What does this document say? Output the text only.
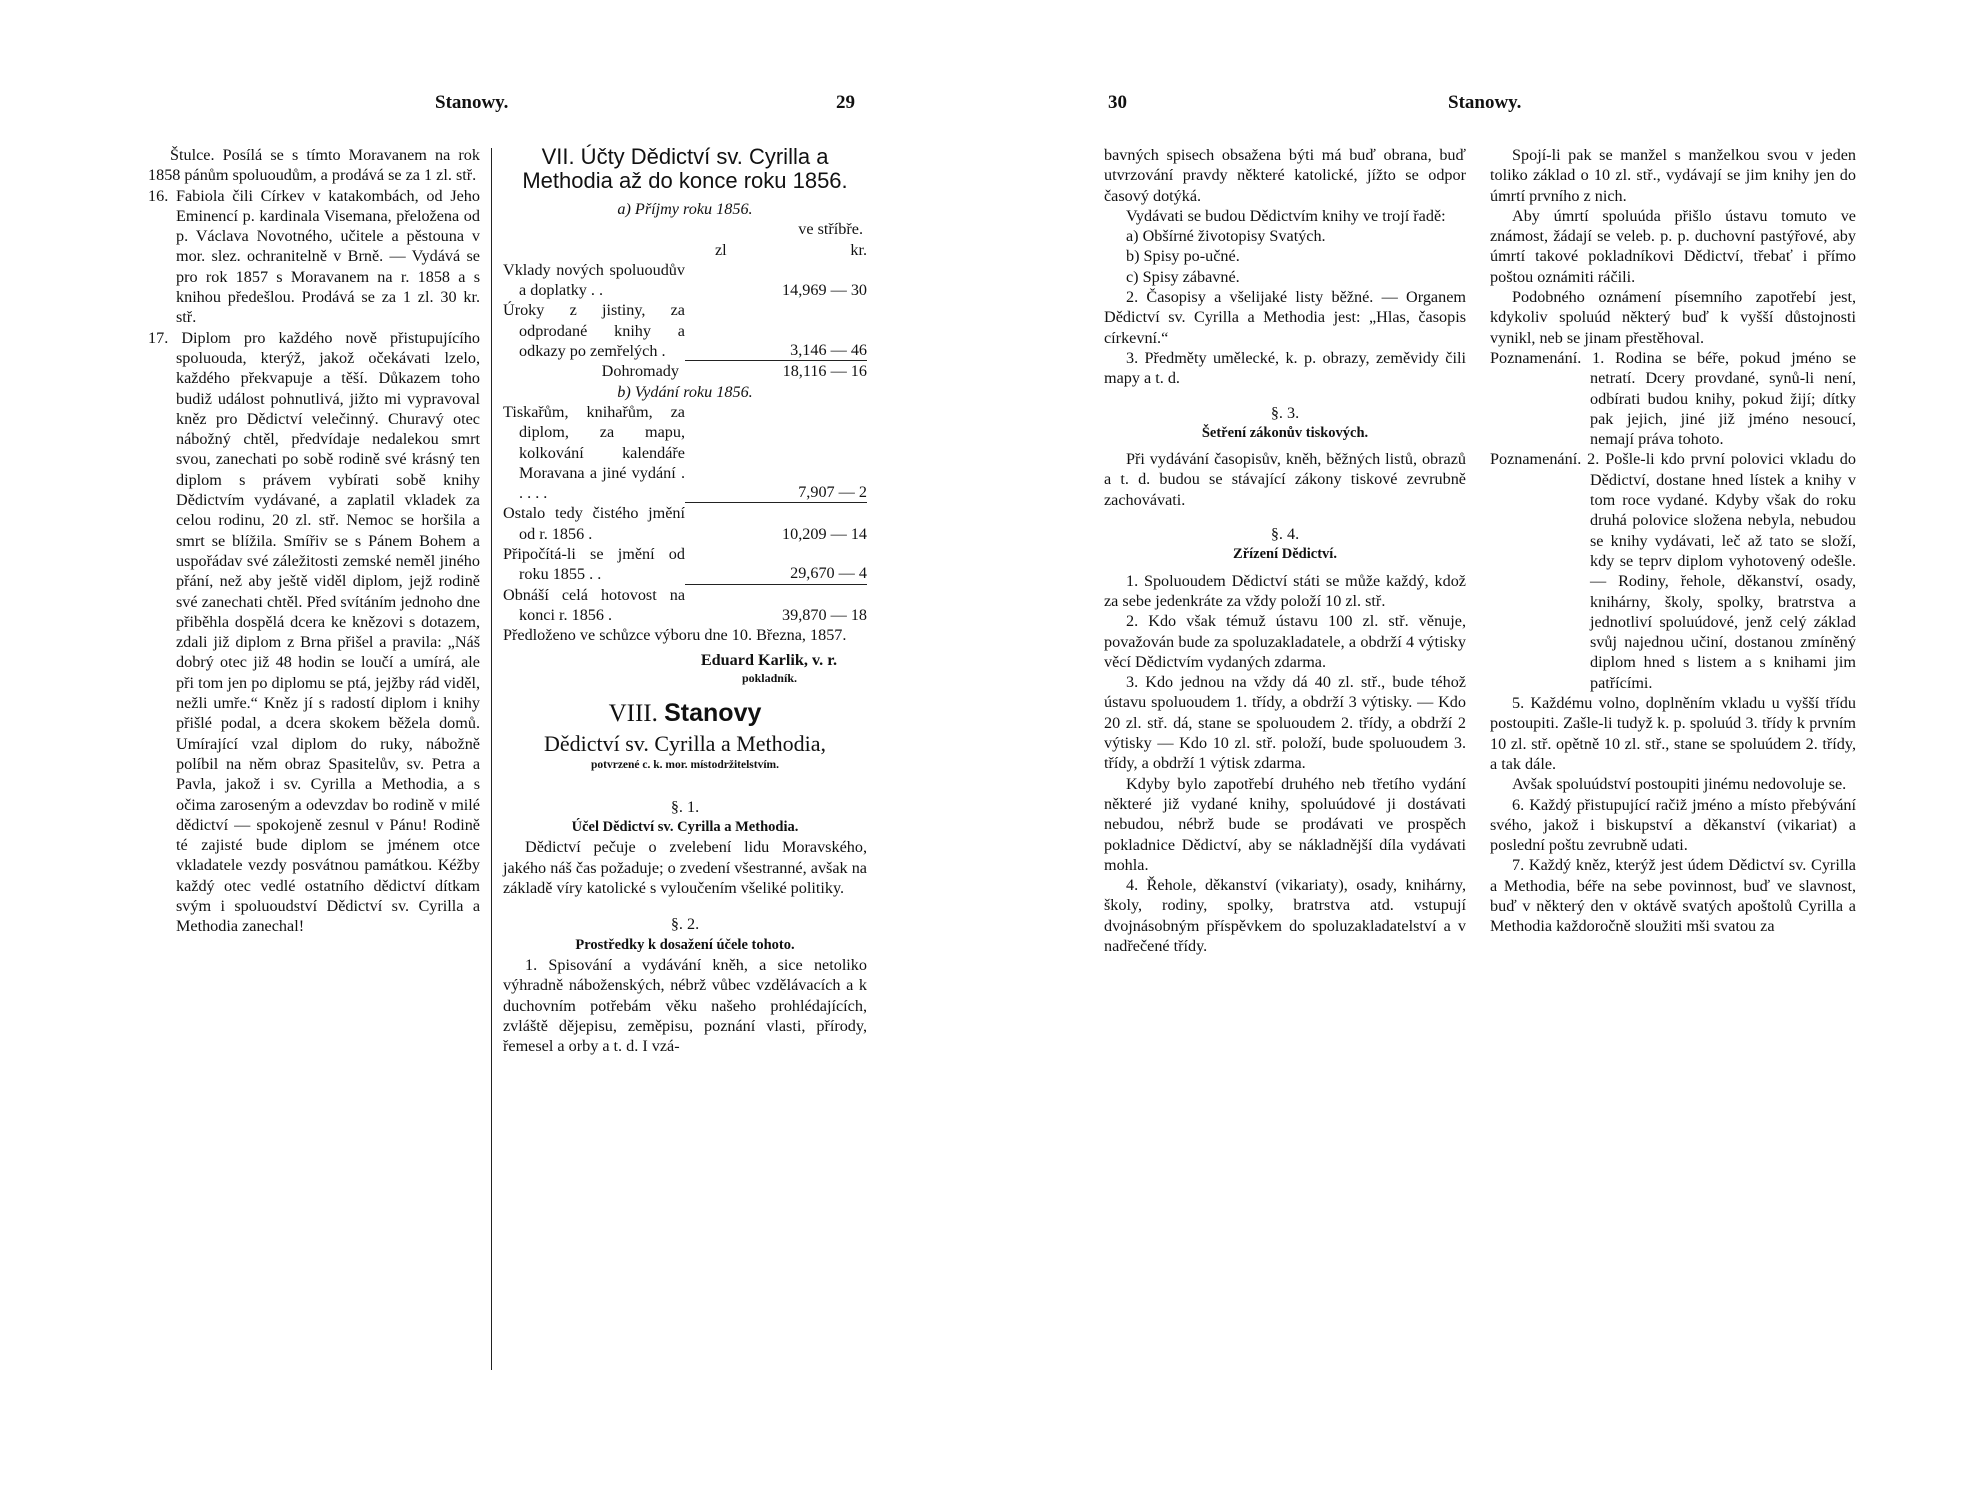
Stanowy.	29	30	Stanowy.

Štulce. Posílá se s tímto Moravanem na rok 1858 pánům spoluoudům, a prodává se za 1 zl. stř.

16. Fabiola čili Církev v katakombách, od Jeho Eminencí p. kardinala Visemana, přeložena od p. Václava Novotného, učitele a pěstouna v mor. slez. ochranitelně v Brně. — Vydává se pro rok 1857 s Moravanem na r. 1858 a s knihou předešlou. Prodává se za 1 zl. 30 kr. stř.

17. Diplom pro každého nově přistupujícího spoluouda, kterýž, jakož očekávati lzelo, každého překvapuje a těší. Důkazem toho budiž událost pohnutlivá, jižto mi vypravoval kněz pro Dědictví velečinný. Churavý otec nábožný chtěl, předvídaje nedalekou smrt svou, zanechati po sobě rodině své krásný ten diplom s právem vybírati sobě knihy Dědictvím vydávané, a zaplatil vkladek za celou rodinu, 20 zl. stř. Nemoc se horšila a smrt se blížila. Smířiv se s Pánem Bohem a uspořádav své záležitosti zemské neměl jiného přání, než aby ještě viděl diplom, jejž rodině své zanechati chtěl. Před svítáním jednoho dne přiběhla dospělá dcera ke knězovi s dotazem, zdali již diplom z Brna přišel a pravila: „Náš dobrý otec již 48 hodin se loučí a umírá, ale při tom jen po diplomu se ptá, jejžby rád viděl, nežli umře.“ Kněz jí s radostí diplom i knihy přišlé podal, a dcera skokem běžela domů. Umírající vzal diplom do ruky, nábožně políbil na něm obraz Spasitelův, sv. Petra a Pavla, jakož i sv. Cyrilla a Methodia, a s očima zaroseným a odevzdav bo rodině v milé dědictví — spokojeně zesnul v Pánu! Rodině té zajisté bude diplom se jménem otce vkladatele vezdy posvátnou památkou. Kéžby každý otec vedlé ostatního dědictví dítkam svým i spoluoudství Dědictví sv. Cyrilla a Methodia zanechal!

VII. Účty Dědictví sv. Cyrilla a Methodia až do konce roku 1856.

a) Příjmy roku 1856.

ve stříbře.

zl	kr.
Vklady nových spoluoudův a doplatky . .	14,969 — 30
Úroky z jistiny, za odprodané knihy a odkazy po zemřelých .	3,146 — 46
Dohromady	18,116 — 16

b) Vydání roku 1856.

Tiskařům, knihařům, za diplom, za mapu, kolkování kalendáře Moravana a jiné vydání . . . . .	7,907 — 2
Ostalo tedy čistého jmění od r. 1856 .	10,209 — 14
Připočítá-li se jmění od roku 1855 . .	29,670 — 4
Obnáší celá hotovost na konci r. 1856 .	39,870 — 18

Předloženo ve schůzce výboru dne 10. Března, 1857.

Eduard Karlik, v. r.

pokladník.

VIII. Stanovy
Dědictví sv. Cyrilla a Methodia,

potvrzené c. k. mor. místodržitelstvím.

§. 1.

Účel Dědictví sv. Cyrilla a Methodia.

Dědictví pečuje o zvelebení lidu Moravského, jakého náš čas požaduje; o zvedení všestranné, avšak na základě víry katolické s vyloučením všeliké politiky.

§. 2.

Prostředky k dosažení účele tohoto.

1. Spisování a vydávání kněh, a sice netoliko výhradně náboženských, nébrž vůbec vzdělávacích a k duchovním potřebám věku našeho prohlédajících, zvláště dějepisu, zeměpisu, poznání vlasti, přírody, řemesel a orby a t. d. I vzá-

bavných spisech obsažena býti má buď obrana, buď utvrzování pravdy některé katolické, jížto se odpor časový dotýká.

Vydávati se budou Dědictvím knihy ve trojí řadě:

a) Obšírné životopisy Svatých.

b) Spisy po-učné.

c) Spisy zábavné.

2. Časopisy a všelijaké listy běžné. — Organem Dědictví sv. Cyrilla a Methodia jest: „Hlas, časopis církevní.“

3. Předměty umělecké, k. p. obrazy, zeměvidy čili mapy a t. d.

§. 3.

Šetření zákonův tiskových.

Při vydávání časopisův, kněh, běžných listů, obrazů a t. d. budou se stávající zákony tiskové zevrubně zachovávati.

§. 4.

Zřízení Dědictví.

1. Spoluoudem Dědictví státi se může každý, kdož za sebe jedenkráte za vždy položí 10 zl. stř.

2. Kdo však témuž ústavu 100 zl. stř. věnuje, považován bude za spoluzakladatele, a obdrží 4 výtisky věcí Dědictvím vydaných zdarma.

3. Kdo jednou na vždy dá 40 zl. stř., bude téhož ústavu spoluoudem 1. třídy, a obdrží 3 výtisky. — Kdo 20 zl. stř. dá, stane se spoluoudem 2. třídy, a obdrží 2 výtisky — Kdo 10 zl. stř. položí, bude spoluoudem 3. třídy, a obdrží 1 výtisk zdarma.

Kdyby bylo zapotřebí druhého neb třetího vydání některé již vydané knihy, spoluúdové ji dostávati nebudou, nébrž bude se prodávati ve prospěch pokladnice Dědictví, aby se nákladnější díla vydávati mohla.

4. Řehole, děkanství (vikariaty), osady, knihárny, školy, rodiny, spolky, bratrstva atd. vstupují dvojnásobným příspěvkem do spoluzakladatelství a v nadřečené třídy.

Spojí-li pak se manžel s manželkou svou v jeden toliko základ o 10 zl. stř., vydávají se jim knihy jen do úmrtí prvního z nich.

Aby úmrtí spoluúda přišlo ústavu tomuto ve známost, žádají se veleb. p. p. duchovní pastýřové, aby úmrtí takové pokladníkovi Dědictví, třebať i přímo poštou oznámiti ráčili.

Podobného oznámení písemního zapotřebí jest, kdykoliv spoluúd některý buď k vyšší důstojnosti vynikl, neb se jinam přestěhoval.

Poznamenání. 1. Rodina se béře, pokud jméno se netratí. Dcery provdané, synů-li není, odbírati budou knihy, pokud žijí; dítky pak jejich, jiné již jméno nesoucí, nemají práva tohoto.

Poznamenání. 2. Pošle-li kdo první polovici vkladu do Dědictví, dostane hned lístek a knihy v tom roce vydané. Kdyby však do roku druhá polovice složena nebyla, nebudou se knihy vydávati, leč až tato se složí, kdy se teprv diplom vyhotovený odešle. — Rodiny, řehole, děkanství, osady, knihárny, školy, spolky, bratrstva a jednotliví spoluúdové, jenž celý základ svůj najednou učiní, dostanou zmíněný diplom hned s listem a s knihami jim patřícími.

5. Každému volno, doplněním vkladu u vyšší třídu postoupiti. Zašle-li tudyž k. p. spoluúd 3. třídy k prvním 10 zl. stř. opětně 10 zl. stř., stane se spoluúdem 2. třídy, a tak dále.

Avšak spoluúdství postoupiti jinému nedovoluje se.

6. Každý přistupující račiž jméno a místo přebývání svého, jakož i biskupství a děkanství (vikariat) a poslední poštu zevrubně udati.

7. Každý kněz, kterýž jest údem Dědictví sv. Cyrilla a Methodia, béře na sebe povinnost, buď ve slavnost, buď v některý den v oktávě svatých apoštolů Cyrilla a Methodia každoročně sloužiti mši svatou za
